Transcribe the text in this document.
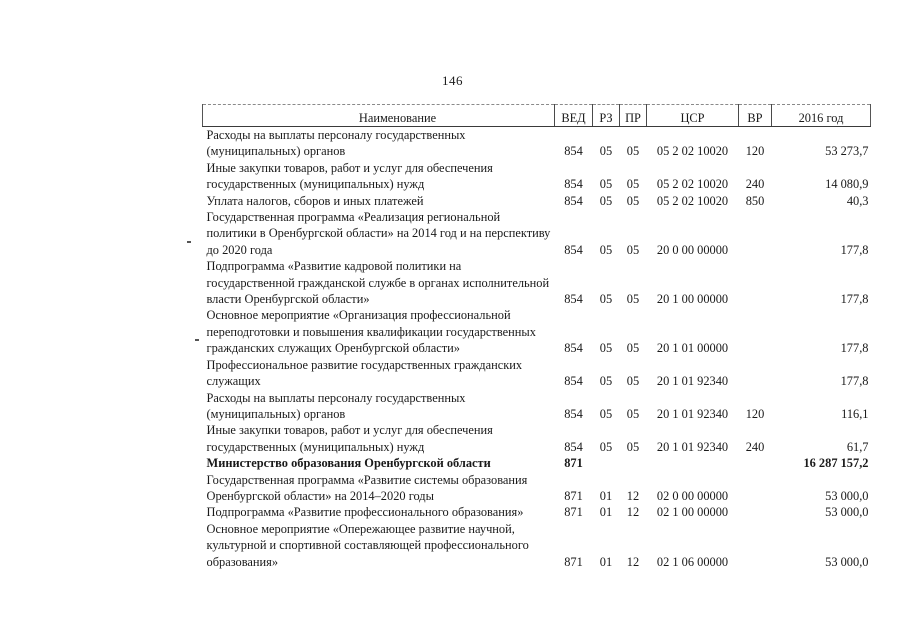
146
Наименование	ВЕД	РЗ	ПР	ЦСР	ВР	2016 год
Расходы на выплаты персоналу государственных (муниципальных) органов	854	05	05	05 2 02 10020	120	53 273,7
Иные закупки товаров, работ и услуг для обеспечения государственных (муниципальных) нужд	854	05	05	05 2 02 10020	240	14 080,9
Уплата налогов, сборов и иных платежей	854	05	05	05 2 02 10020	850	40,3
Государственная программа «Реализация региональной политики в Оренбургской области» на 2014 год и на перспективу до 2020 года	854	05	05	20 0 00 00000		177,8
Подпрограмма «Развитие кадровой политики на государственной гражданской службе в органах исполнительной власти Оренбургской области»	854	05	05	20 1 00 00000		177,8
Основное мероприятие «Организация профессиональной переподготовки и повышения квалификации государственных гражданских служащих Оренбургской области»	854	05	05	20 1 01 00000		177,8
Профессиональное развитие государственных гражданских служащих	854	05	05	20 1 01 92340		177,8
Расходы на выплаты персоналу государственных (муниципальных) органов	854	05	05	20 1 01 92340	120	116,1
Иные закупки товаров, работ и услуг для обеспечения государственных (муниципальных) нужд	854	05	05	20 1 01 92340	240	61,7
Министерство образования Оренбургской области	871					16 287 157,2
Государственная программа «Развитие системы образования Оренбургской области» на 2014–2020 годы	871	01	12	02 0 00 00000		53 000,0
Подпрограмма «Развитие профессионального образования»	871	01	12	02 1 00 00000		53 000,0
Основное мероприятие «Опережающее развитие научной, культурной и спортивной составляющей профессионального образования»	871	01	12	02 1 06 00000		53 000,0
